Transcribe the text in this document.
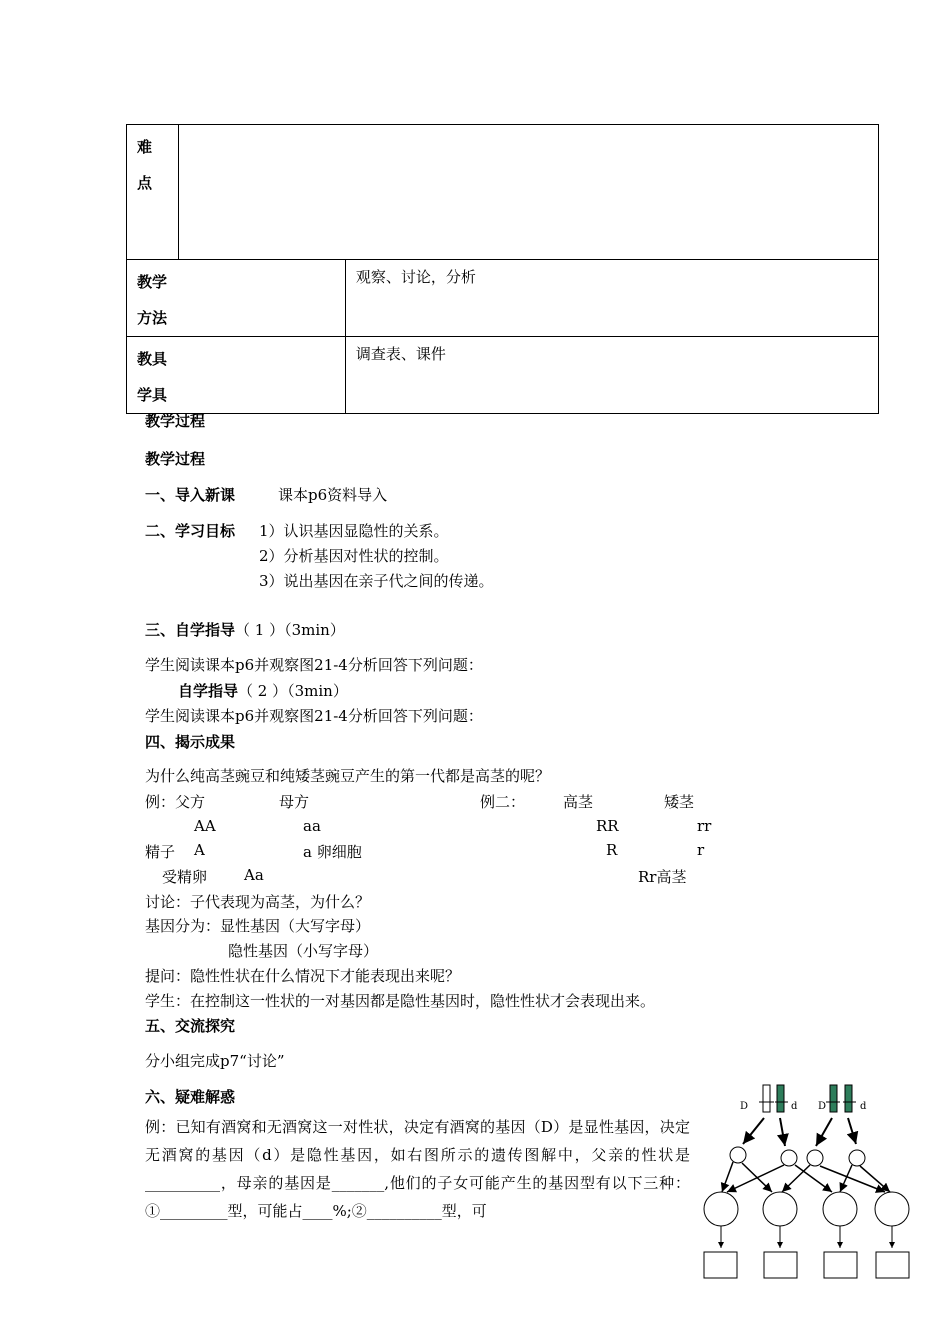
难
点		

教学
方法		观察、讨论，分析

教具
学具		调查表、课件
教学过程
教学过程
一、导入新课	课本p6资料导入
二、学习目标 1）认识基因显隐性的关系。
2）分析基因对性状的控制。
3）说出基因在亲子代之间的传递。
三、自学指导（ 1 ）（3min）
学生阅读课本p6并观察图21-4分析回答下列问题：
自学指导（ 2 ）（3min）
学生阅读课本p6并观察图21-4分析回答下列问题：
四、揭示成果
为什么纯高茎豌豆和纯矮茎豌豆产生的第一代都是高茎的呢？
例：父方	母方	例二：	高茎	矮茎
AA	aa	RR	rr
精子 A	a 卵细胞	R	r
受精卵 Aa	Rr高茎
讨论：子代表现为高茎，为什么？
基因分为：显性基因（大写字母）
隐性基因（小写字母）
提问：隐性性状在什么情况下才能表现出来呢？
学生：在控制这一性状的一对基因都是隐性基因时，隐性性状才会表现出来。
五、交流探究
分小组完成p7“讨论”
六、疑难解惑
例：已知有酒窝和无酒窝这一对性状，决定有酒窝的基因（D）是显性基因，决定无酒窝的基因（d）是隐性基因，如右图所示的遗传图解中，父亲的性状是__________，母亲的基因是_______,他们的子女可能产生的基因型有以下三种：①_________型，可能占____%;②__________型，可
D	d D	d
